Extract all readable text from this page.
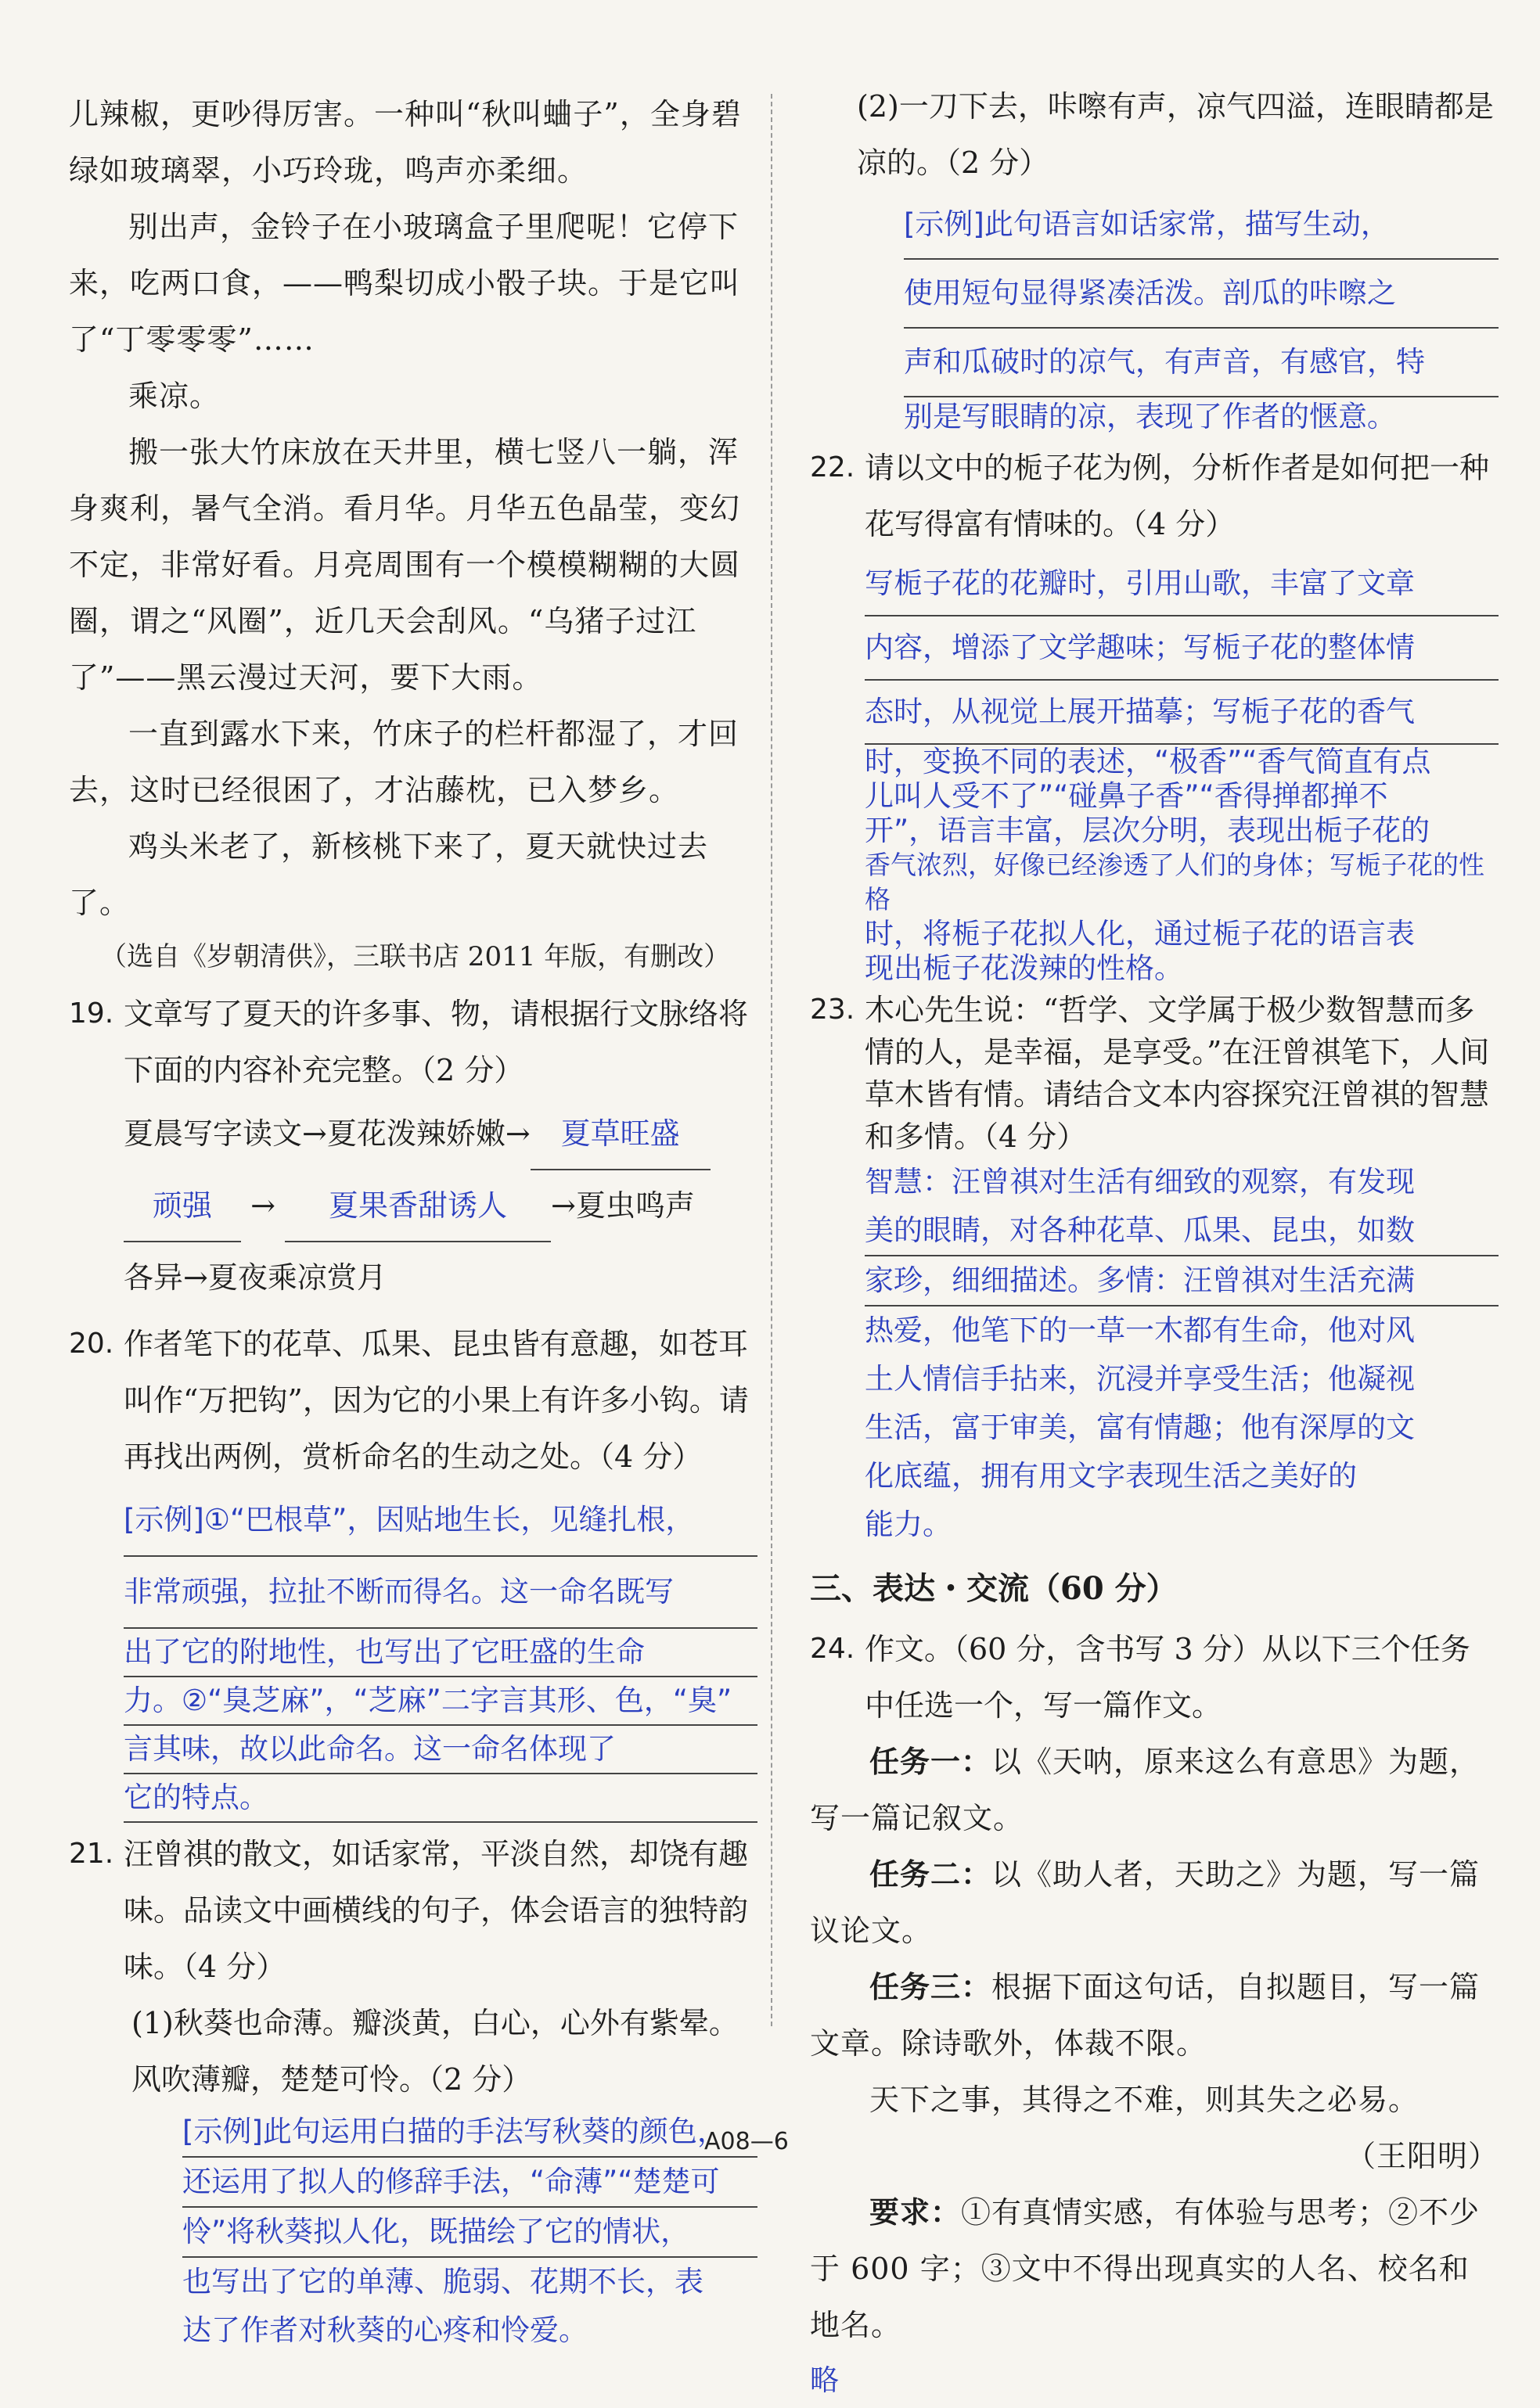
儿辣椒，更吵得厉害。一种叫“秋叫蛐子”，全身碧绿如玻璃翠，小巧玲珑，鸣声亦柔细。

别出声，金铃子在小玻璃盒子里爬呢！它停下来，吃两口食，——鸭梨切成小骰子块。于是它叫了“丁零零零”……

乘凉。

搬一张大竹床放在天井里，横七竖八一躺，浑身爽利，暑气全消。看月华。月华五色晶莹，变幻不定，非常好看。月亮周围有一个模模糊糊的大圆圈，谓之“风圈”，近几天会刮风。“乌猪子过江了”——黑云漫过天河，要下大雨。

一直到露水下来，竹床子的栏杆都湿了，才回去，这时已经很困了，才沾藤枕，已入梦乡。

鸡头米老了，新核桃下来了，夏天就快过去了。

（选自《岁朝清供》，三联书店 2011 年版，有删改）

19. 文章写了夏天的许多事、物，请根据行文脉络将下面的内容补充完整。（2 分）
夏晨写字读文→夏花泼辣娇嫩→ 夏草旺盛
顽强 → 夏果香甜诱人 →夏虫鸣声
各异→夏夜乘凉赏月
20. 作者笔下的花草、瓜果、昆虫皆有意趣，如苍耳叫作“万把钩”，因为它的小果上有许多小钩。请再找出两例，赏析命名的生动之处。（4 分）
[示例]①“巴根草”，因贴地生长，见缝扎根，
非常顽强，拉扯不断而得名。这一命名既写
出了它的附地性，也写出了它旺盛的生命
力。②“臭芝麻”，“芝麻”二字言其形、色，“臭”
言其味，故以此命名。这一命名体现了
它的特点。
21. 汪曾祺的散文，如话家常，平淡自然，却饶有趣味。品读文中画横线的句子，体会语言的独特韵味。（4 分）

(1)秋葵也命薄。瓣淡黄，白心，心外有紫晕。风吹薄瓣，楚楚可怜。（2 分）

[示例]此句运用白描的手法写秋葵的颜色，
还运用了拟人的修辞手法，“命薄”“楚楚可
怜”将秋葵拟人化，既描绘了它的情状，
也写出了它的单薄、脆弱、花期不长，表
达了作者对秋葵的心疼和怜爱。

(2)一刀下去，咔嚓有声，凉气四溢，连眼睛都是凉的。（2 分）

[示例]此句语言如话家常，描写生动，
使用短句显得紧凑活泼。剖瓜的咔嚓之
声和瓜破时的凉气，有声音，有感官，特
别是写眼睛的凉，表现了作者的惬意。
22. 请以文中的栀子花为例，分析作者是如何把一种花写得富有情味的。（4 分）
写栀子花的花瓣时，引用山歌，丰富了文章
内容，增添了文学趣味；写栀子花的整体情
态时，从视觉上展开描摹；写栀子花的香气
时，变换不同的表述，“极香”“香气简直有点
儿叫人受不了”“碰鼻子香”“香得掸都掸不
开”，语言丰富，层次分明，表现出栀子花的
香气浓烈，好像已经渗透了人们的身体；写栀子花的性格
时，将栀子花拟人化，通过栀子花的语言表
现出栀子花泼辣的性格。
23. 木心先生说：“哲学、文学属于极少数智慧而多情的人，是幸福，是享受。”在汪曾祺笔下，人间草木皆有情。请结合文本内容探究汪曾祺的智慧和多情。（4 分）
智慧：汪曾祺对生活有细致的观察，有发现
美的眼睛，对各种花草、瓜果、昆虫，如数
家珍，细细描述。多情：汪曾祺对生活充满
热爱，他笔下的一草一木都有生命，他对风
土人情信手拈来，沉浸并享受生活；他凝视
生活，富于审美，富有情趣；他有深厚的文
化底蕴，拥有用文字表现生活之美好的
能力。

三、表达・交流（60 分）

24. 作文。（60 分，含书写 3 分）从以下三个任务中任选一个，写一篇作文。

任务一：以《天呐，原来这么有意思》为题，写一篇记叙文。

任务二：以《助人者，天助之》为题，写一篇议论文。

任务三：根据下面这句话，自拟题目，写一篇文章。除诗歌外，体裁不限。

天下之事，其得之不难，则其失之必易。

（王阳明）

要求：①有真情实感，有体验与思考；②不少于 600 字；③文中不得出现真实的人名、校名和地名。

略

A08—6
